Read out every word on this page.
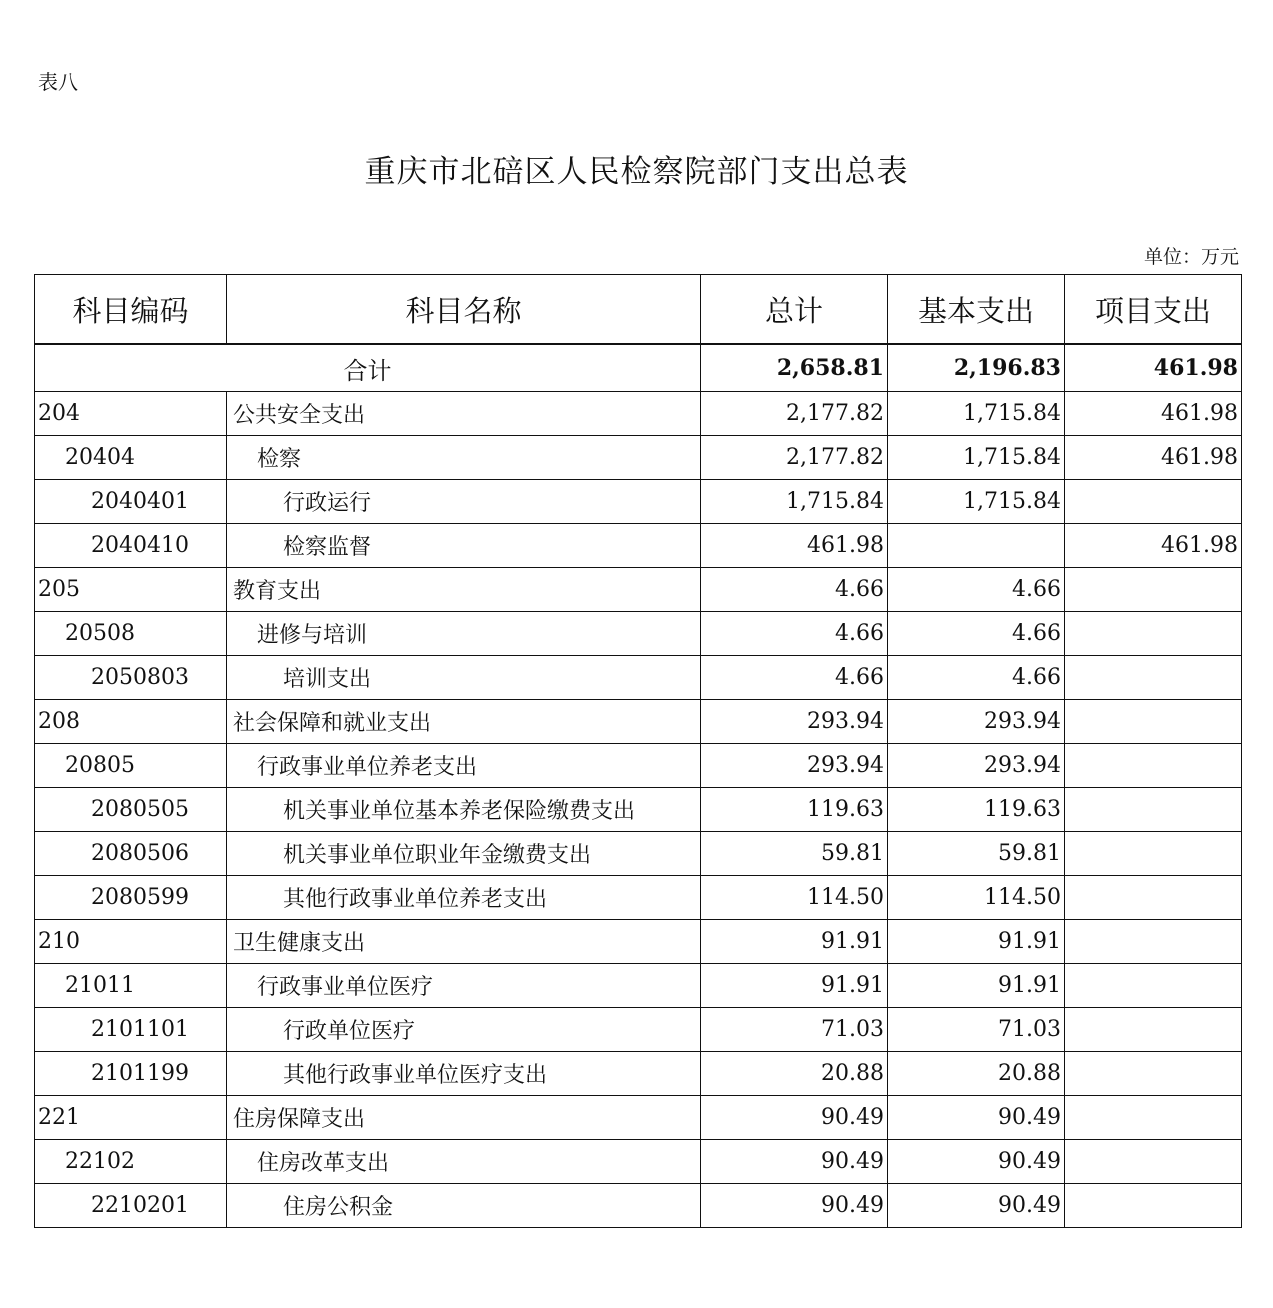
表八
重庆市北碚区人民检察院部门支出总表
单位：万元
科目编码	科目名称	总计	基本支出	项目支出
合计		2,658.81	2,196.83	461.98
204	公共安全支出	2,177.82	1,715.84	461.98
20404	检察	2,177.82	1,715.84	461.98
2040401	行政运行	1,715.84	1,715.84	
2040410	检察监督	461.98		461.98
205	教育支出	4.66	4.66	
20508	进修与培训	4.66	4.66	
2050803	培训支出	4.66	4.66	
208	社会保障和就业支出	293.94	293.94	
20805	行政事业单位养老支出	293.94	293.94	
2080505	机关事业单位基本养老保险缴费支出	119.63	119.63	
2080506	机关事业单位职业年金缴费支出	59.81	59.81	
2080599	其他行政事业单位养老支出	114.50	114.50	
210	卫生健康支出	91.91	91.91	
21011	行政事业单位医疗	91.91	91.91	
2101101	行政单位医疗	71.03	71.03	
2101199	其他行政事业单位医疗支出	20.88	20.88	
221	住房保障支出	90.49	90.49	
22102	住房改革支出	90.49	90.49	
2210201	住房公积金	90.49	90.49	
